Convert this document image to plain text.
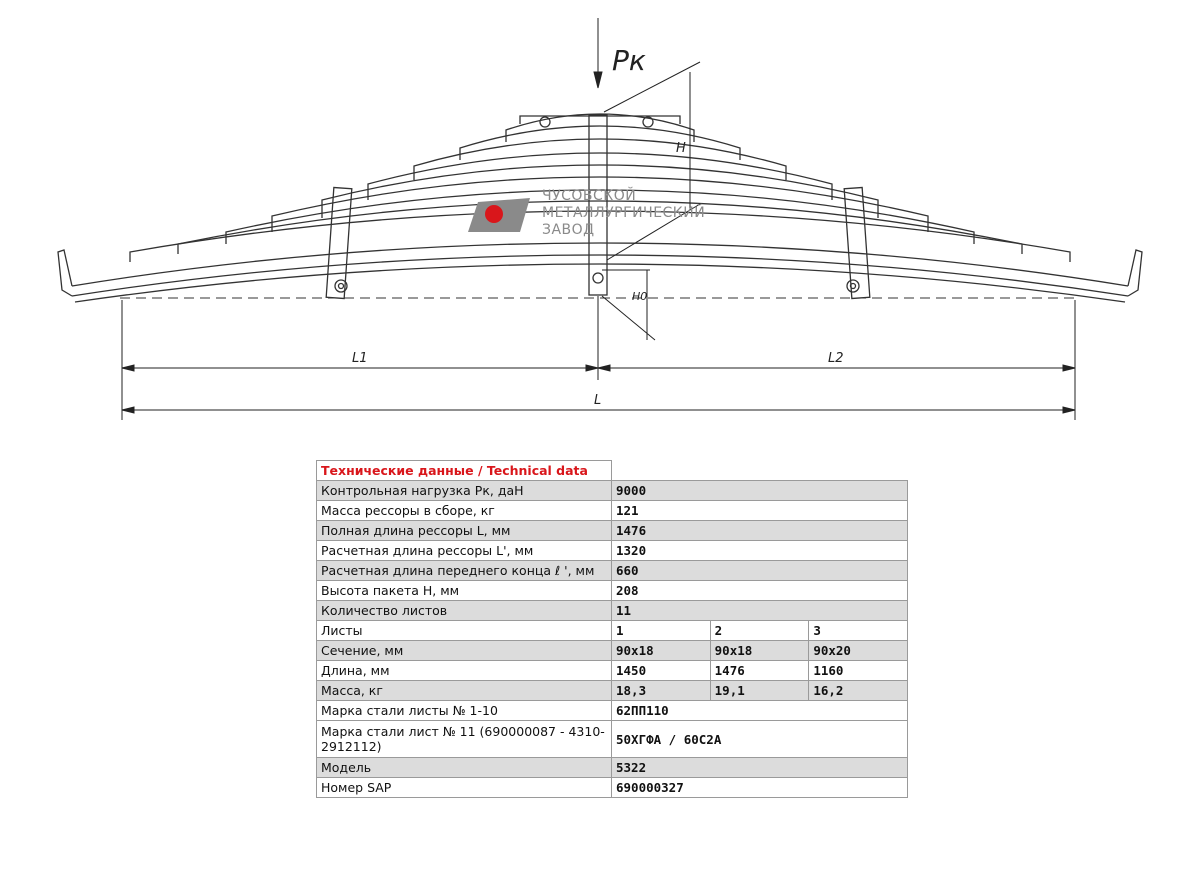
Pк
L1	L2
L
H
H0
ЧУСОВСКОЙ
МЕТАЛЛУРГИЧЕСКИЙ
ЗАВОД
Технические данные / Technical data			
Контрольная нагрузка Pк, даН	9000		
Масса рессоры в сборе, кг	121		
Полная длина рессоры L, мм	1476		
Расчетная длина рессоры L', мм	1320		
Расчетная длина переднего конца ℓ ', мм	660		
Высота пакета H, мм	208		
Количество листов	11		
Листы	1	2	3
Сечение, мм	90x18	90x18	90x20
Длина, мм	1450	1476	1160
Масса, кг	18,3	19,1	16,2
Марка стали листы № 1-10	62ПП110		
Марка стали лист № 11 (690000087 - 4310-2912112)	50ХГФА / 60С2А		
Модель	5322		
Номер SAP	690000327		
